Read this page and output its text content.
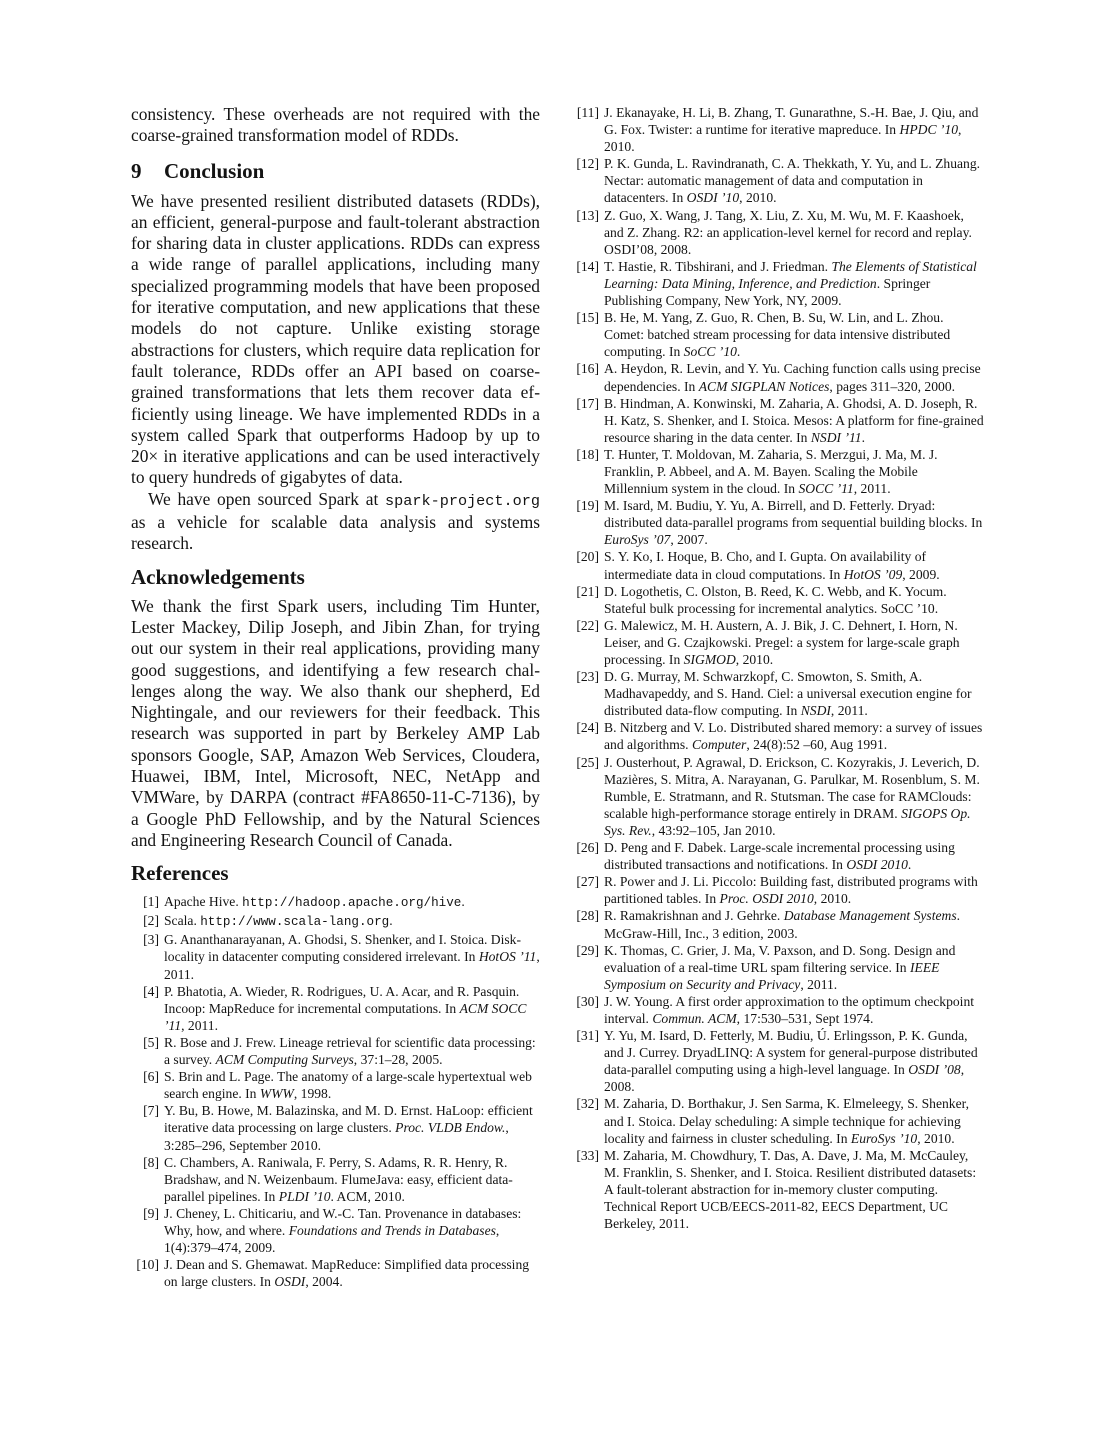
consistency. These overheads are not required with the coarse-grained transformation model of RDDs.

9 Conclusion

We have presented resilient distributed datasets (RDDs), an efficient, general-purpose and fault-tolerant abstraction for sharing data in cluster applications. RDDs can express a wide range of parallel applications, including many specialized programming models that have been proposed for iterative computation, and new applications that these models do not capture. Unlike existing storage abstractions for clusters, which require data replication for fault tolerance, RDDs offer an API based on coarse-grained transformations that lets them recover data efficiently using lineage. We have implemented RDDs in a system called Spark that outperforms Hadoop by up to 20× in iterative applications and can be used interactively to query hundreds of gigabytes of data.

We have open sourced Spark at spark-project.org as a vehicle for scalable data analysis and systems research.

Acknowledgements

We thank the first Spark users, including Tim Hunter, Lester Mackey, Dilip Joseph, and Jibin Zhan, for trying out our system in their real applications, providing many good suggestions, and identifying a few research challenges along the way. We also thank our shepherd, Ed Nightingale, and our reviewers for their feedback. This research was supported in part by Berkeley AMP Lab sponsors Google, SAP, Amazon Web Services, Cloudera, Huawei, IBM, Intel, Microsoft, NEC, NetApp and VMWare, by DARPA (contract #FA8650-11-C-7136), by a Google PhD Fellowship, and by the Natural Sciences and Engineering Research Council of Canada.

References
[1] Apache Hive. http://hadoop.apache.org/hive.
[2] Scala. http://www.scala-lang.org.
[3] G. Ananthanarayanan, A. Ghodsi, S. Shenker, and I. Stoica. Disk-locality in datacenter computing considered irrelevant. In HotOS ’11, 2011.
[4] P. Bhatotia, A. Wieder, R. Rodrigues, U. A. Acar, and R. Pasquin. Incoop: MapReduce for incremental computations. In ACM SOCC ’11, 2011.
[5] R. Bose and J. Frew. Lineage retrieval for scientific data processing: a survey. ACM Computing Surveys, 37:1–28, 2005.
[6] S. Brin and L. Page. The anatomy of a large-scale hypertextual web search engine. In WWW, 1998.
[7] Y. Bu, B. Howe, M. Balazinska, and M. D. Ernst. HaLoop: efficient iterative data processing on large clusters. Proc. VLDB Endow., 3:285–296, September 2010.
[8] C. Chambers, A. Raniwala, F. Perry, S. Adams, R. R. Henry, R. Bradshaw, and N. Weizenbaum. FlumeJava: easy, efficient data-parallel pipelines. In PLDI ’10. ACM, 2010.
[9] J. Cheney, L. Chiticariu, and W.-C. Tan. Provenance in databases: Why, how, and where. Foundations and Trends in Databases, 1(4):379–474, 2009.
[10] J. Dean and S. Ghemawat. MapReduce: Simplified data processing on large clusters. In OSDI, 2004.
[11] J. Ekanayake, H. Li, B. Zhang, T. Gunarathne, S.-H. Bae, J. Qiu, and G. Fox. Twister: a runtime for iterative mapreduce. In HPDC ’10, 2010.
[12] P. K. Gunda, L. Ravindranath, C. A. Thekkath, Y. Yu, and L. Zhuang. Nectar: automatic management of data and computation in datacenters. In OSDI ’10, 2010.
[13] Z. Guo, X. Wang, J. Tang, X. Liu, Z. Xu, M. Wu, M. F. Kaashoek, and Z. Zhang. R2: an application-level kernel for record and replay. OSDI’08, 2008.
[14] T. Hastie, R. Tibshirani, and J. Friedman. The Elements of Statistical Learning: Data Mining, Inference, and Prediction. Springer Publishing Company, New York, NY, 2009.
[15] B. He, M. Yang, Z. Guo, R. Chen, B. Su, W. Lin, and L. Zhou. Comet: batched stream processing for data intensive distributed computing. In SoCC ’10.
[16] A. Heydon, R. Levin, and Y. Yu. Caching function calls using precise dependencies. In ACM SIGPLAN Notices, pages 311–320, 2000.
[17] B. Hindman, A. Konwinski, M. Zaharia, A. Ghodsi, A. D. Joseph, R. H. Katz, S. Shenker, and I. Stoica. Mesos: A platform for fine-grained resource sharing in the data center. In NSDI ’11.
[18] T. Hunter, T. Moldovan, M. Zaharia, S. Merzgui, J. Ma, M. J. Franklin, P. Abbeel, and A. M. Bayen. Scaling the Mobile Millennium system in the cloud. In SOCC ’11, 2011.
[19] M. Isard, M. Budiu, Y. Yu, A. Birrell, and D. Fetterly. Dryad: distributed data-parallel programs from sequential building blocks. In EuroSys ’07, 2007.
[20] S. Y. Ko, I. Hoque, B. Cho, and I. Gupta. On availability of intermediate data in cloud computations. In HotOS ’09, 2009.
[21] D. Logothetis, C. Olston, B. Reed, K. C. Webb, and K. Yocum. Stateful bulk processing for incremental analytics. SoCC ’10.
[22] G. Malewicz, M. H. Austern, A. J. Bik, J. C. Dehnert, I. Horn, N. Leiser, and G. Czajkowski. Pregel: a system for large-scale graph processing. In SIGMOD, 2010.
[23] D. G. Murray, M. Schwarzkopf, C. Smowton, S. Smith, A. Madhavapeddy, and S. Hand. Ciel: a universal execution engine for distributed data-flow computing. In NSDI, 2011.
[24] B. Nitzberg and V. Lo. Distributed shared memory: a survey of issues and algorithms. Computer, 24(8):52 –60, Aug 1991.
[25] J. Ousterhout, P. Agrawal, D. Erickson, C. Kozyrakis, J. Leverich, D. Mazières, S. Mitra, A. Narayanan, G. Parulkar, M. Rosenblum, S. M. Rumble, E. Stratmann, and R. Stutsman. The case for RAMClouds: scalable high-performance storage entirely in DRAM. SIGOPS Op. Sys. Rev., 43:92–105, Jan 2010.
[26] D. Peng and F. Dabek. Large-scale incremental processing using distributed transactions and notifications. In OSDI 2010.
[27] R. Power and J. Li. Piccolo: Building fast, distributed programs with partitioned tables. In Proc. OSDI 2010, 2010.
[28] R. Ramakrishnan and J. Gehrke. Database Management Systems. McGraw-Hill, Inc., 3 edition, 2003.
[29] K. Thomas, C. Grier, J. Ma, V. Paxson, and D. Song. Design and evaluation of a real-time URL spam filtering service. In IEEE Symposium on Security and Privacy, 2011.
[30] J. W. Young. A first order approximation to the optimum checkpoint interval. Commun. ACM, 17:530–531, Sept 1974.
[31] Y. Yu, M. Isard, D. Fetterly, M. Budiu, Ú. Erlingsson, P. K. Gunda, and J. Currey. DryadLINQ: A system for general-purpose distributed data-parallel computing using a high-level language. In OSDI ’08, 2008.
[32] M. Zaharia, D. Borthakur, J. Sen Sarma, K. Elmeleegy, S. Shenker, and I. Stoica. Delay scheduling: A simple technique for achieving locality and fairness in cluster scheduling. In EuroSys ’10, 2010.
[33] M. Zaharia, M. Chowdhury, T. Das, A. Dave, J. Ma, M. McCauley, M. Franklin, S. Shenker, and I. Stoica. Resilient distributed datasets: A fault-tolerant abstraction for in-memory cluster computing. Technical Report UCB/EECS-2011-82, EECS Department, UC Berkeley, 2011.
